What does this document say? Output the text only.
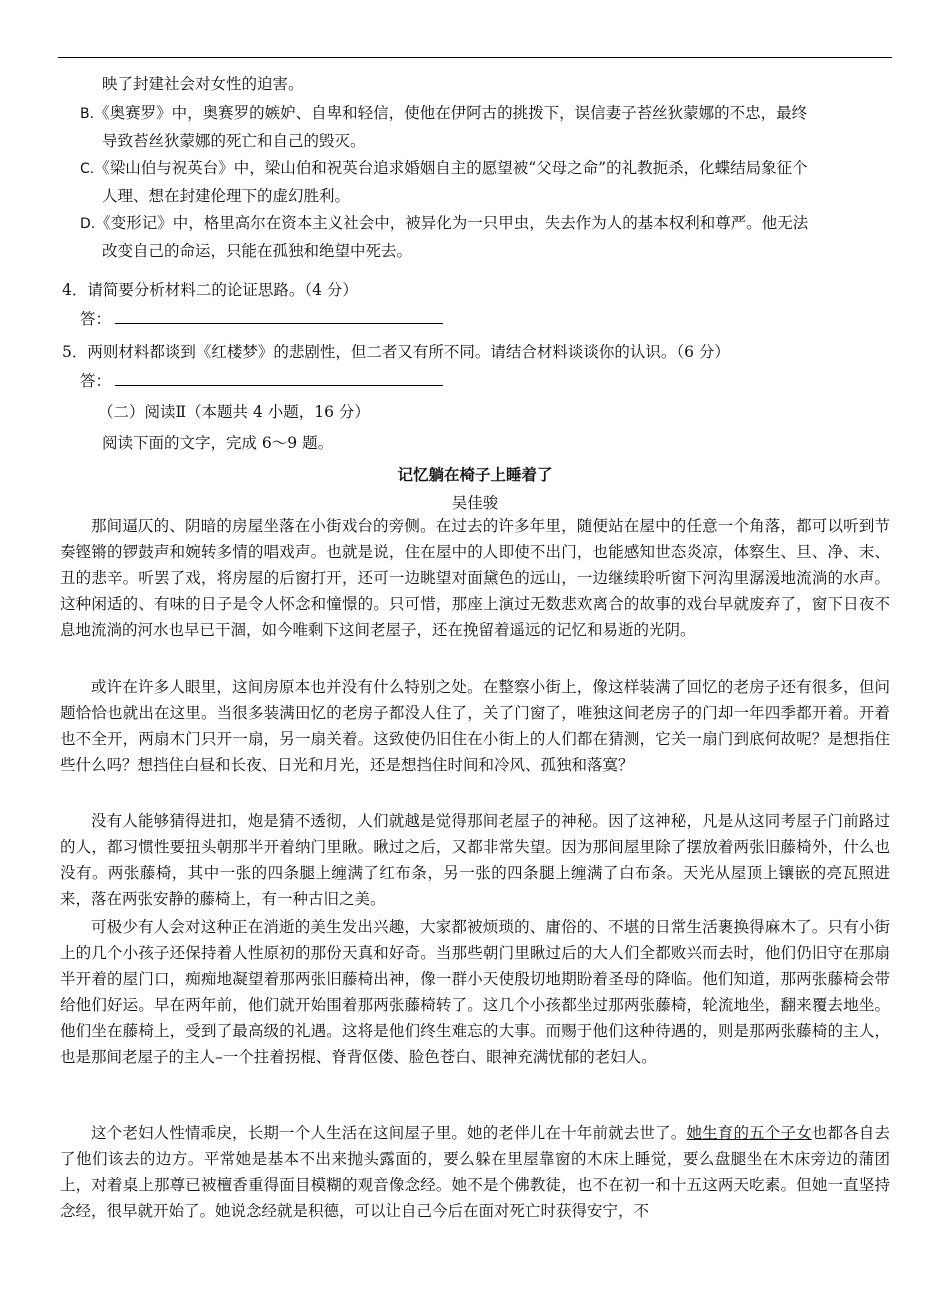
映了封建社会对女性的迫害。
B.《奥赛罗》中，奥赛罗的嫉妒、自卑和轻信，使他在伊阿古的挑拨下，误信妻子苔丝狄蒙娜的不忠，最终
导致苔丝狄蒙娜的死亡和自己的毁灭。
C.《梁山伯与祝英台》中，梁山伯和祝英台追求婚姻自主的愿望被“父母之命”的礼教扼杀，化蝶结局象征个
人理、想在封建伦理下的虚幻胜利。
D.《变形记》中，格里高尔在资本主义社会中，被异化为一只甲虫，失去作为人的基本权利和尊严。他无法
改变自己的命运，只能在孤独和绝望中死去。
4．请简要分析材料二的论证思路。（4 分）
答：
5．两则材料都谈到《红楼梦》的悲剧性，但二者又有所不同。请结合材料谈谈你的认识。（6 分）
答：
（二）阅读Ⅱ（本题共 4 小题，16 分）
阅读下面的文字，完成 6～9 题。
记忆躺在椅子上睡着了
吴佳骏

那间逼仄的、阴暗的房屋坐落在小街戏台的旁侧。在过去的许多年里，随便站在屋中的任意一个角落，都可以听到节奏铿锵的锣鼓声和婉转多情的唱戏声。也就是说，住在屋中的人即使不出门，也能感知世态炎凉，体察生、旦、净、末、丑的悲辛。听罢了戏，将房屋的后窗打开，还可一边眺望对面黛色的远山，一边继续聆听窗下河沟里潺湲地流淌的水声。这种闲适的、有味的日子是令人怀念和憧憬的。只可惜，那座上演过无数悲欢离合的故事的戏台早就废弃了，窗下日夜不息地流淌的河水也早已干涸，如今唯剩下这间老屋子，还在挽留着遥远的记忆和易逝的光阴。

或许在许多人眼里，这间房原本也并没有什么特别之处。在整察小街上，像这样装满了回忆的老房子还有很多，但问题恰恰也就出在这里。当很多装满田忆的老房子都没人住了，关了门窗了，唯独这间老房子的门却一年四季都开着。开着也不全开，两扇木门只开一扇，另一扇关着。这致使仍旧住在小街上的人们都在猜测，它关一扇门到底何故呢？是想指住些什么吗？想挡住白昼和长夜、日光和月光，还是想挡住时间和冷风、孤独和落寞？

没有人能够猜得进扣，炮是猜不透彻，人们就越是觉得那间老屋子的神秘。因了这神秘，凡是从这同考屋子门前路过的人，都习惯性要扭头朝那半开着纳门里瞅。瞅过之后，又都非常失望。因为那间屋里除了摆放着两张旧藤椅外，什么也没有。两张藤椅，其中一张的四条腿上缠满了红布条，另一张的四条腿上缠满了白布条。天光从屋顶上镶嵌的亮瓦照进来，落在两张安静的藤椅上，有一种古旧之美。

可极少有人会对这种正在消逝的美生发出兴趣，大家都被烦琐的、庸俗的、不堪的日常生活裹换得麻木了。只有小街上的几个小孩子还保持着人性原初的那份天真和好奇。当那些朝门里瞅过后的大人们全都败兴而去时，他们仍旧守在那扇半开着的屋门口，痴痴地凝望着那两张旧藤椅出神，像一群小天使殷切地期盼着圣母的降临。他们知道，那两张藤椅会带给他们好运。早在两年前，他们就开始围着那两张藤椅转了。这几个小孩都坐过那两张藤椅，轮流地坐，翻来覆去地坐。他们坐在藤椅上，受到了最高级的礼遇。这将是他们终生难忘的大事。而赐于他们这种待遇的，则是那两张藤椅的主人，也是那间老屋子的主人–一个拄着拐棍、脊背伛偻、脸色苍白、眼神充满忧郁的老妇人。

这个老妇人性情乖戾，长期一个人生活在这间屋子里。她的老伴儿在十年前就去世了。她生育的五个子女也都各自去了他们该去的边方。平常她是基本不出来抛头露面的，要么躲在里屋靠窗的木床上睡觉，要么盘腿坐在木床旁边的蒲团上，对着桌上那尊已被檀香重得面目模糊的观音像念经。她不是个佛教徒，也不在初一和十五这两天吃素。但她一直坚持念经，很早就开始了。她说念经就是积德，可以让自己今后在面对死亡时获得安宁，不
